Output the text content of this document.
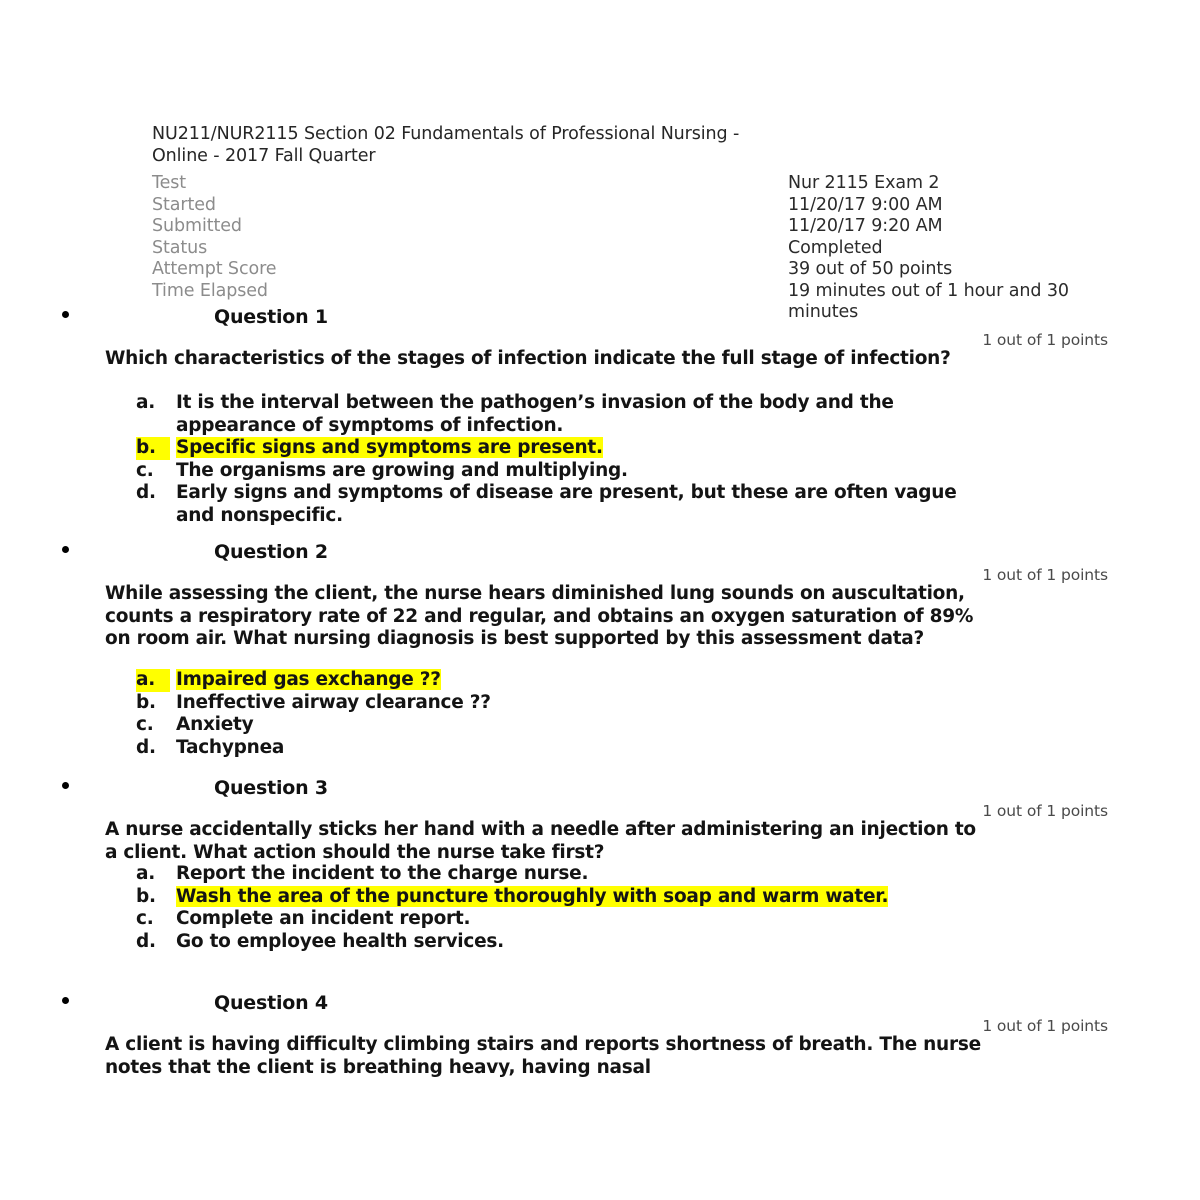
NU211/NUR2115 Section 02 Fundamentals of Professional Nursing - Online - 2017 Fall Quarter
Test	Nur 2115 Exam 2
Started	11/20/17 9:00 AM
Submitted	11/20/17 9:20 AM
Status	Completed
Attempt Score	39 out of 50 points
Time Elapsed	19 minutes out of 1 hour and 30 minutes
Question 1
1 out of 1 points

Which characteristics of the stages of infection indicate the full stage of infection?

a.	It is the interval between the pathogen’s invasion of the body and the appearance of symptoms of infection.
b.	Specific signs and symptoms are present.
c.	The organisms are growing and multiplying.
d.	Early signs and symptoms of disease are present, but these are often vague and nonspecific.
Question 2
1 out of 1 points

While assessing the client, the nurse hears diminished lung sounds on auscultation, counts a respiratory rate of 22 and regular, and obtains an oxygen saturation of 89% on room air. What nursing diagnosis is best supported by this assessment data?

a.	Impaired gas exchange ??
b.	Ineffective airway clearance ??
c.	Anxiety
d.	Tachypnea
Question 3
1 out of 1 points

A nurse accidentally sticks her hand with a needle after administering an injection to a client. What action should the nurse take first?

a.	Report the incident to the charge nurse.
b.	Wash the area of the puncture thoroughly with soap and warm water.
c.	Complete an incident report.
d.	Go to employee health services.
Question 4
1 out of 1 points

A client is having difficulty climbing stairs and reports shortness of breath. The nurse notes that the client is breathing heavy, having nasal
